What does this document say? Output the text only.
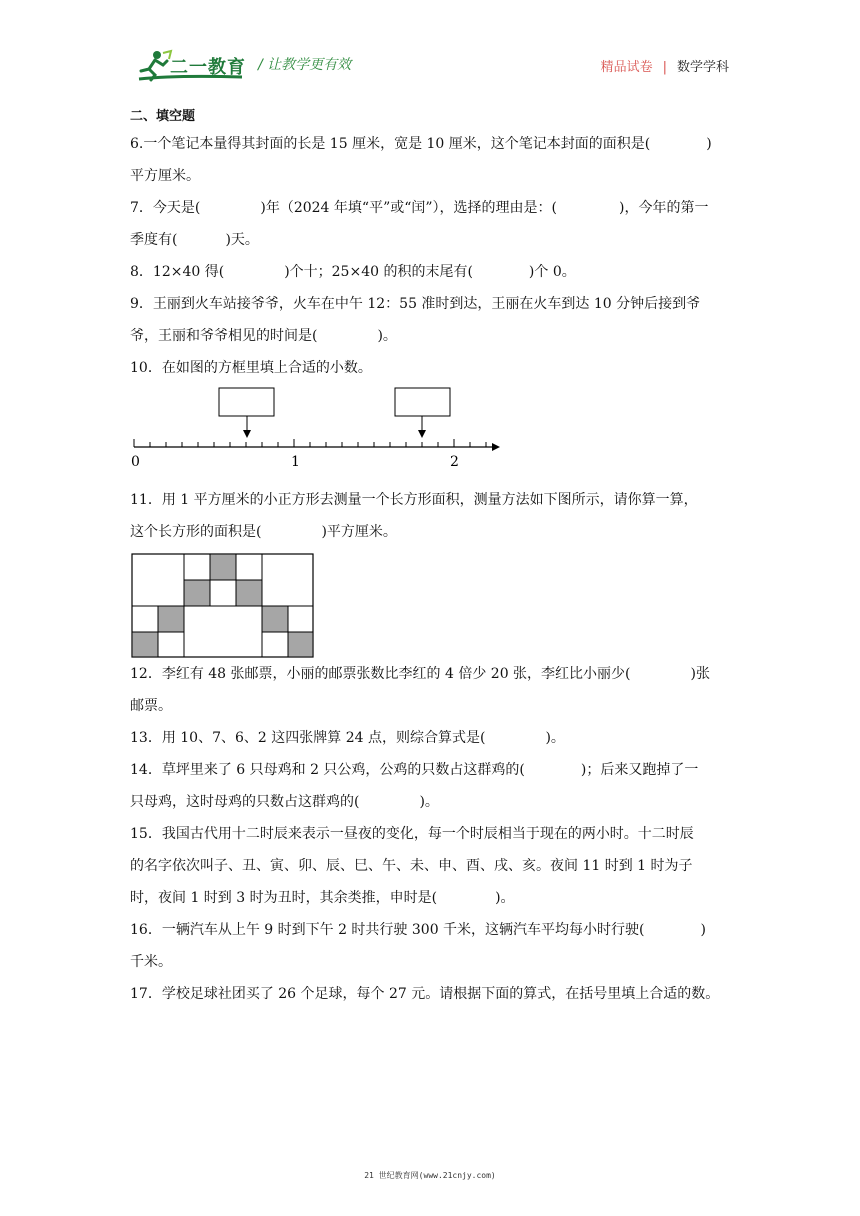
二一教育 / 让教学更有效	精品试卷 | 数学学科
二、填空题
6.一个笔记本量得其封面的长是 15 厘米，宽是 10 厘米，这个笔记本封面的面积是(	)
平方厘米。
7．今天是(	)年（2024 年填“平”或“闰”），选择的理由是：(	)，今年的第一
季度有(	)天。
8．12×40 得(	)个十；25×40 的积的末尾有(	)个 0。
9．王丽到火车站接爷爷，火车在中午 12：55 准时到达，王丽在火车到达 10 分钟后接到爷
爷，王丽和爷爷相见的时间是(	)。
10．在如图的方框里填上合适的小数。
0	1	2
11．用 1 平方厘米的小正方形去测量一个长方形面积，测量方法如下图所示，请你算一算，
这个长方形的面积是(	)平方厘米。
12．李红有 48 张邮票，小丽的邮票张数比李红的 4 倍少 20 张，李红比小丽少(	)张
邮票。
13．用 10、7、6、2 这四张牌算 24 点，则综合算式是(	)。
14．草坪里来了 6 只母鸡和 2 只公鸡，公鸡的只数占这群鸡的(	)；后来又跑掉了一
只母鸡，这时母鸡的只数占这群鸡的(	)。
15．我国古代用十二时辰来表示一昼夜的变化，每一个时辰相当于现在的两小时。十二时辰
的名字依次叫子、丑、寅、卯、辰、巳、午、未、申、酉、戌、亥。夜间 11 时到 1 时为子
时，夜间 1 时到 3 时为丑时，其余类推，申时是(	)。
16．一辆汽车从上午 9 时到下午 2 时共行驶 300 千米，这辆汽车平均每小时行驶(	)
千米。
17．学校足球社团买了 26 个足球，每个 27 元。请根据下面的算式，在括号里填上合适的数。
21 世纪教育网(www.21cnjy.com)
